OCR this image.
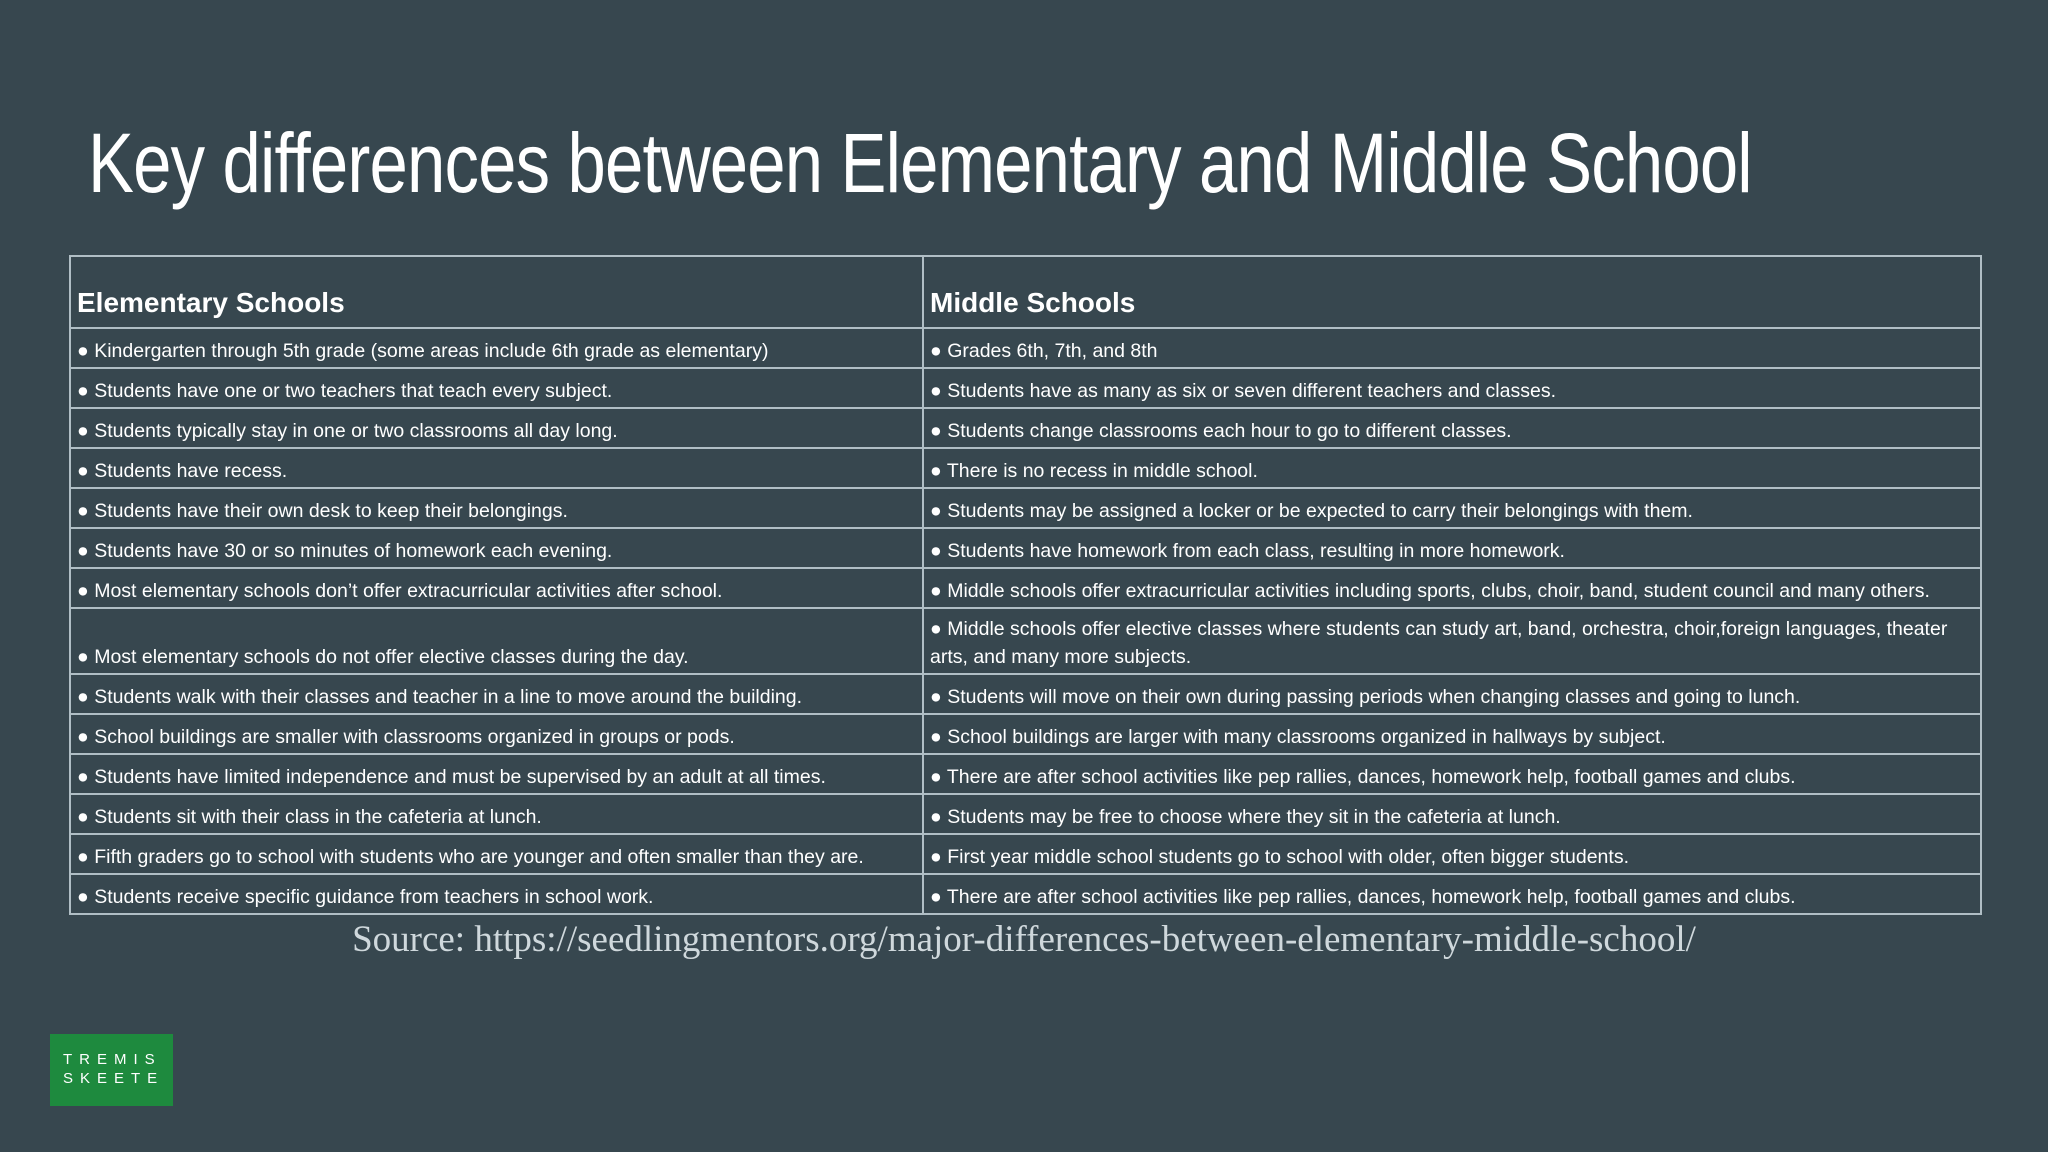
Key differences between Elementary and Middle School
Elementary Schools	Middle Schools
● Kindergarten through 5th grade (some areas include 6th grade as elementary)	● Grades 6th, 7th, and 8th
● Students have one or two teachers that teach every subject.	● Students have as many as six or seven different teachers and classes.
● Students typically stay in one or two classrooms all day long.	● Students change classrooms each hour to go to different classes.
● Students have recess.	● There is no recess in middle school.
● Students have their own desk to keep their belongings.	● Students may be assigned a locker or be expected to carry their belongings with them.
● Students have 30 or so minutes of homework each evening.	● Students have homework from each class, resulting in more homework.
● Most elementary schools don’t offer extracurricular activities after school.	● Middle schools offer extracurricular activities including sports, clubs, choir, band, student council and many others.
● Most elementary schools do not offer elective classes during the day.	● Middle schools offer elective classes where students can study art, band, orchestra, choir,foreign languages, theater arts, and many more subjects.
● Students walk with their classes and teacher in a line to move around the building.	● Students will move on their own during passing periods when changing classes and going to lunch.
● School buildings are smaller with classrooms organized in groups or pods.	● School buildings are larger with many classrooms organized in hallways by subject.
● Students have limited independence and must be supervised by an adult at all times.	● There are after school activities like pep rallies, dances, homework help, football games and clubs.
● Students sit with their class in the cafeteria at lunch.	● Students may be free to choose where they sit in the cafeteria at lunch.
● Fifth graders go to school with students who are younger and often smaller than they are.	● First year middle school students go to school with older, often bigger students.
● Students receive specific guidance from teachers in school work.	● There are after school activities like pep rallies, dances, homework help, football games and clubs.

Source: https://seedlingmentors.org/major-differences-between-elementary-middle-school/

TREMIS
SKEETE
